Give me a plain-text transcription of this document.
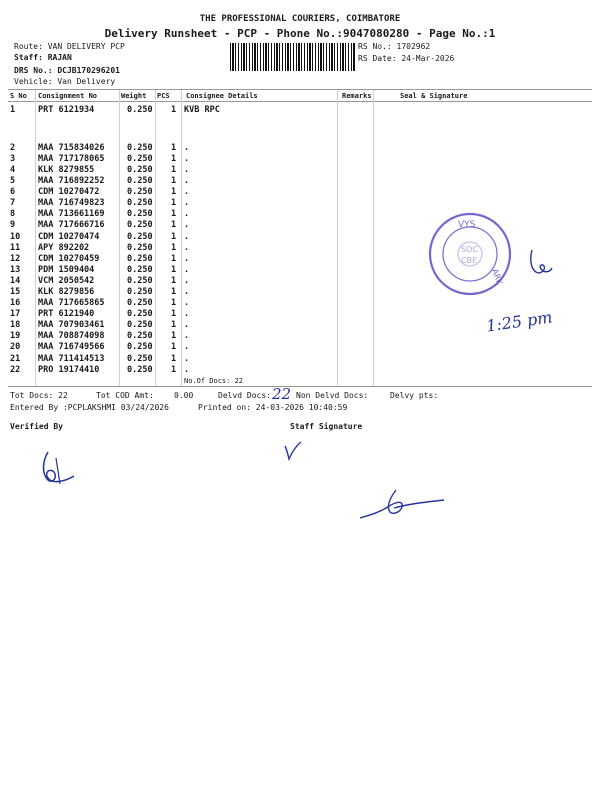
THE PROFESSIONAL COURIERS, COIMBATORE
Delivery Runsheet - PCP - Phone No.:9047080280 - Page No.:1
Route: VAN DELIVERY PCP
Staff: RAJAN
DRS No.: DCJB170296201
Vehicle: Van Delivery
RS No.: 1702962
RS Date: 24-Mar-2026
S No Consignment No	Weight PCS Consignee Details	Remarks	Seal & Signature
1	PRT 6121934	0.250 1 KVB RPC
2	MAA 715834026	0.250 1 .
3	MAA 717178065	0.250 1 .
4	KLK 8279855	0.250 1 .
5	MAA 716892252	0.250 1 .
6	CDM 10270472	0.250 1 .
7	MAA 716749823	0.250 1 .
8	MAA 713661169	0.250 1 .
9	MAA 717666716	0.250 1 .
10 CDM 10270474	0.250 1 .
11 APY 892202	0.250 1 .
12 CDM 10270459	0.250 1 .
13 PDM 1509404	0.250 1 .
14 VCM 2050542	0.250 1 .
15 KLK 8279856	0.250 1 .
16 MAA 717665865	0.250 1 .
17 PRT 6121940	0.250 1 .
18 MAA 707903461	0.250 1 .
19 MAA 708874098	0.250 1 .
20 MAA 716749566	0.250 1 .
21 MAA 711414513	0.250 1 .
22 PRO 19174410	0.250 1 .
No.Of Docs: 22
Tot Docs: 22	Tot COD Amt:	0.00	Delvd Docs: 22 Non Delvd Docs:	Delvy pts:
Entered By :PCPLAKSHMI 03/24/2026	Printed on: 24-03-2026 10:40:59
Verified By	Staff Signature
1:25 pm
VYS
ARK
SOC
CBE
